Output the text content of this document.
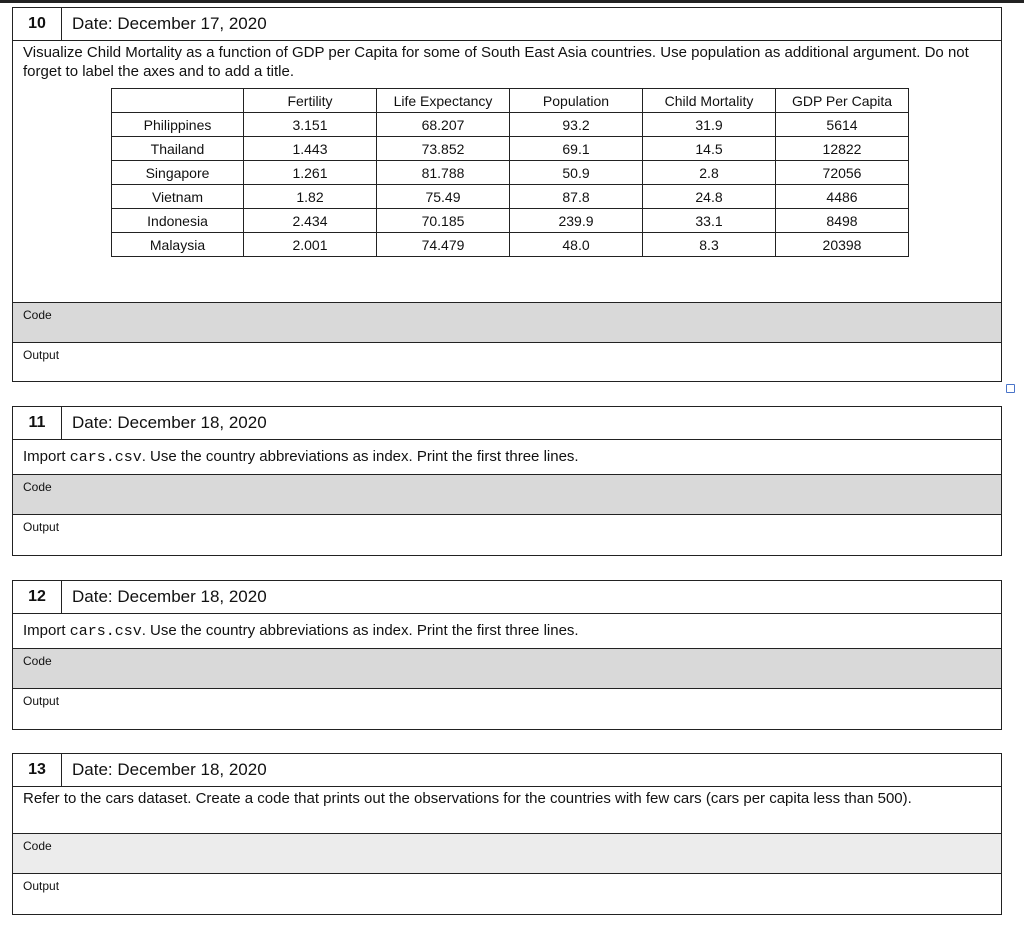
10	Date: December 17, 2020
Visualize Child Mortality as a function of GDP per Capita for some of South East Asia countries. Use population as additional argument. Do not forget to label the axes and to add a title.
	Fertility	Life Expectancy	Population	Child Mortality	GDP Per Capita
Philippines	3.151	68.207	93.2	31.9	5614
Thailand	1.443	73.852	69.1	14.5	12822
Singapore	1.261	81.788	50.9	2.8	72056
Vietnam	1.82	75.49	87.8	24.8	4486
Indonesia	2.434	70.185	239.9	33.1	8498
Malaysia	2.001	74.479	48.0	8.3	20398
Code
Output
11	Date: December 18, 2020
Import cars.csv. Use the country abbreviations as index. Print the first three lines.
Code
Output
12	Date: December 18, 2020
Import cars.csv. Use the country abbreviations as index. Print the first three lines.
Code
Output
13	Date: December 18, 2020
Refer to the cars dataset. Create a code that prints out the observations for the countries with few cars (cars per capita less than 500).
Code
Output
